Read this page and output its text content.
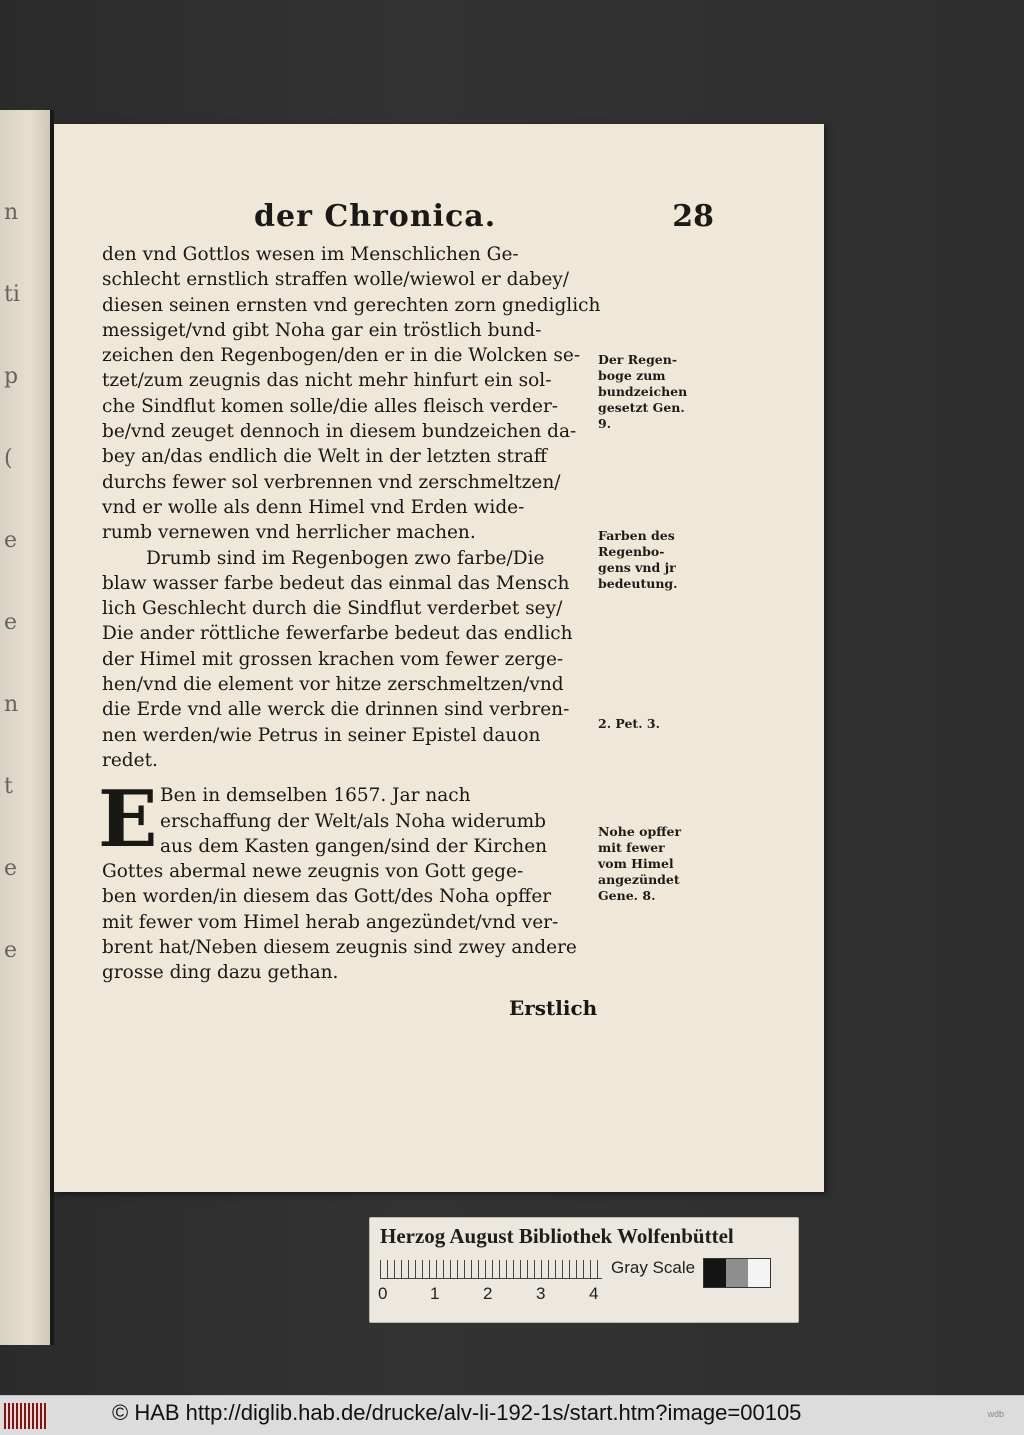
n
ti
p
(
e
e
n
t
e
e
der Chronica.	28
den vnd Gottlos wesen im Menschlichen Ge-
schlecht ernstlich straffen wolle/wiewol er dabey/
diesen seinen ernsten vnd gerechten zorn gnediglich
messiget/vnd gibt Noha gar ein tröstlich bund-
zeichen den Regenbogen/den er in die Wolcken se-
tzet/zum zeugnis das nicht mehr hinfurt ein sol-
che Sindflut komen solle/die alles fleisch verder-
be/vnd zeuget dennoch in diesem bundzeichen da-
bey an/das endlich die Welt in der letzten straff
durchs fewer sol verbrennen vnd zerschmeltzen/
vnd er wolle als denn Himel vnd Erden wide-
rumb vernewen vnd herrlicher machen.
Drumb sind im Regenbogen zwo farbe/Die
blaw wasser farbe bedeut das einmal das Mensch
lich Geschlecht durch die Sindflut verderbet sey/
Die ander röttliche fewerfarbe bedeut das endlich
der Himel mit grossen krachen vom fewer zerge-
hen/vnd die element vor hitze zerschmeltzen/vnd
die Erde vnd alle werck die drinnen sind verbren-
nen werden/wie Petrus in seiner Epistel dauon
redet.
E Ben in demselben 1657. Jar nach
erschaffung der Welt/als Noha widerumb
aus dem Kasten gangen/sind der Kirchen
Gottes abermal newe zeugnis von Gott gege-
ben worden/in diesem das Gott/des Noha opffer
mit fewer vom Himel herab angezündet/vnd ver-
brent hat/Neben diesem zeugnis sind zwey andere
grosse ding dazu gethan.
Der Regen-
boge zum
bundzeichen
gesetzt Gen.
9.
Farben des
Regenbo-
gens vnd jr
bedeutung.
2. Pet. 3.
Nohe opffer
mit fewer
vom Himel
angezündet
Gene. 8.
Erstlich
Herzog August Bibliothek Wolfenbüttel
0	1	2	3	4
Gray Scale
© HAB http://diglib.hab.de/drucke/alv-li-192-1s/start.htm?image=00105	wdb
